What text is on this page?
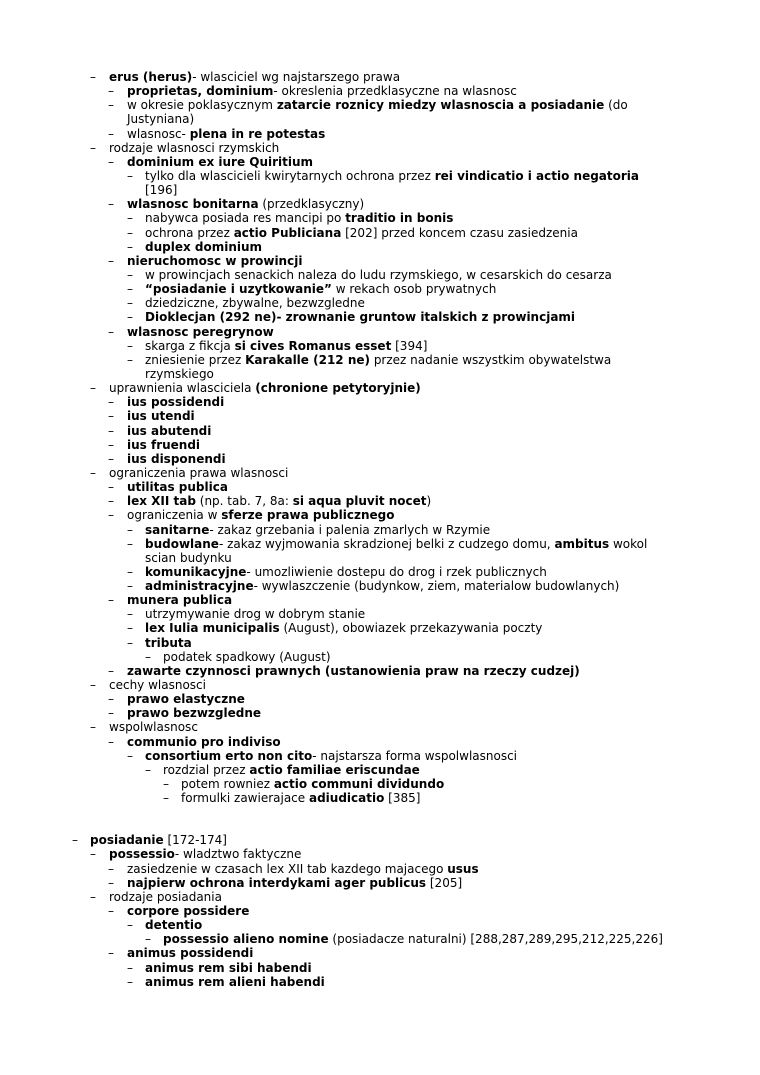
– erus (herus)- wlasciciel wg najstarszego prawa
– proprietas, dominium- okreslenia przedklasyczne na wlasnosc
– w okresie poklasycznym zatarcie roznicy miedzy wlasnoscia a posiadanie (do
Justyniana)
– wlasnosc- plena in re potestas
– rodzaje wlasnosci rzymskich
– dominium ex iure Quiritium
– tylko dla wlascicieli kwirytarnych ochrona przez rei vindicatio i actio negatoria
[196]
– wlasnosc bonitarna (przedklasyczny)
– nabywca posiada res mancipi po traditio in bonis
– ochrona przez actio Publiciana [202] przed koncem czasu zasiedzenia
– duplex dominium
– nieruchomosc w prowincji
– w prowincjach senackich nalezа do ludu rzymskiego, w cesarskich do cesarza
– “posiadanie i uzytkowanie” w rekach osob prywatnych
– dziedziczne, zbywalne, bezwzgledne
– Dioklecjan (292 ne)- zrownanie gruntow italskich z prowincjami
– wlasnosc peregrynow
– skarga z fikcja si cives Romanus esset [394]
– zniesienie przez Karakalle (212 ne) przez nadanie wszystkim obywatelstwa
rzymskiego
– uprawnienia wlasciciela (chronione petytoryjnie)
– ius possidendi
– ius utendi
– ius abutendi
– ius fruendi
– ius disponendi
– ograniczenia prawa wlasnosci
– utilitas publica
– lex XII tab (np. tab. 7, 8a: si aqua pluvit nocet)
– ograniczenia w sferze prawa publicznego
– sanitarne- zakaz grzebania i palenia zmarlych w Rzymie
– budowlane- zakaz wyjmowania skradzionej belki z cudzego domu, ambitus wokol
scian budynku
– komunikacyjne- umozliwienie dostepu do drog i rzek publicznych
– administracyjne- wywlaszczenie (budynkow, ziem, materialow budowlanych)
– munera publica
– utrzymywanie drog w dobrym stanie
– lex Iulia municipalis (August), obowiazek przekazywania poczty
– tributa
– podatek spadkowy (August)
– zawarte czynnosci prawnych (ustanowienia praw na rzeczy cudzej)
– cechy wlasnosci
– prawo elastyczne
– prawo bezwzgledne
– wspolwlasnosc
– communio pro indiviso
– consortium erto non cito- najstarsza forma wspolwlasnosci
– rozdzial przez actio familiae eriscundae
– potem rowniez actio communi dividundo
– formulki zawierajace adiudicatio [385]
– posiadanie [172-174]
– possessio- wladztwo faktyczne
– zasiedzenie w czasach lex XII tab kazdego majacego usus
– najpierw ochrona interdykami ager publicus [205]
– rodzaje posiadania
– corpore possidere
– detentio
– possessio alieno nomine (posiadacze naturalni) [288,287,289,295,212,225,226]
– animus possidendi
– animus rem sibi habendi
– animus rem alieni habendi
